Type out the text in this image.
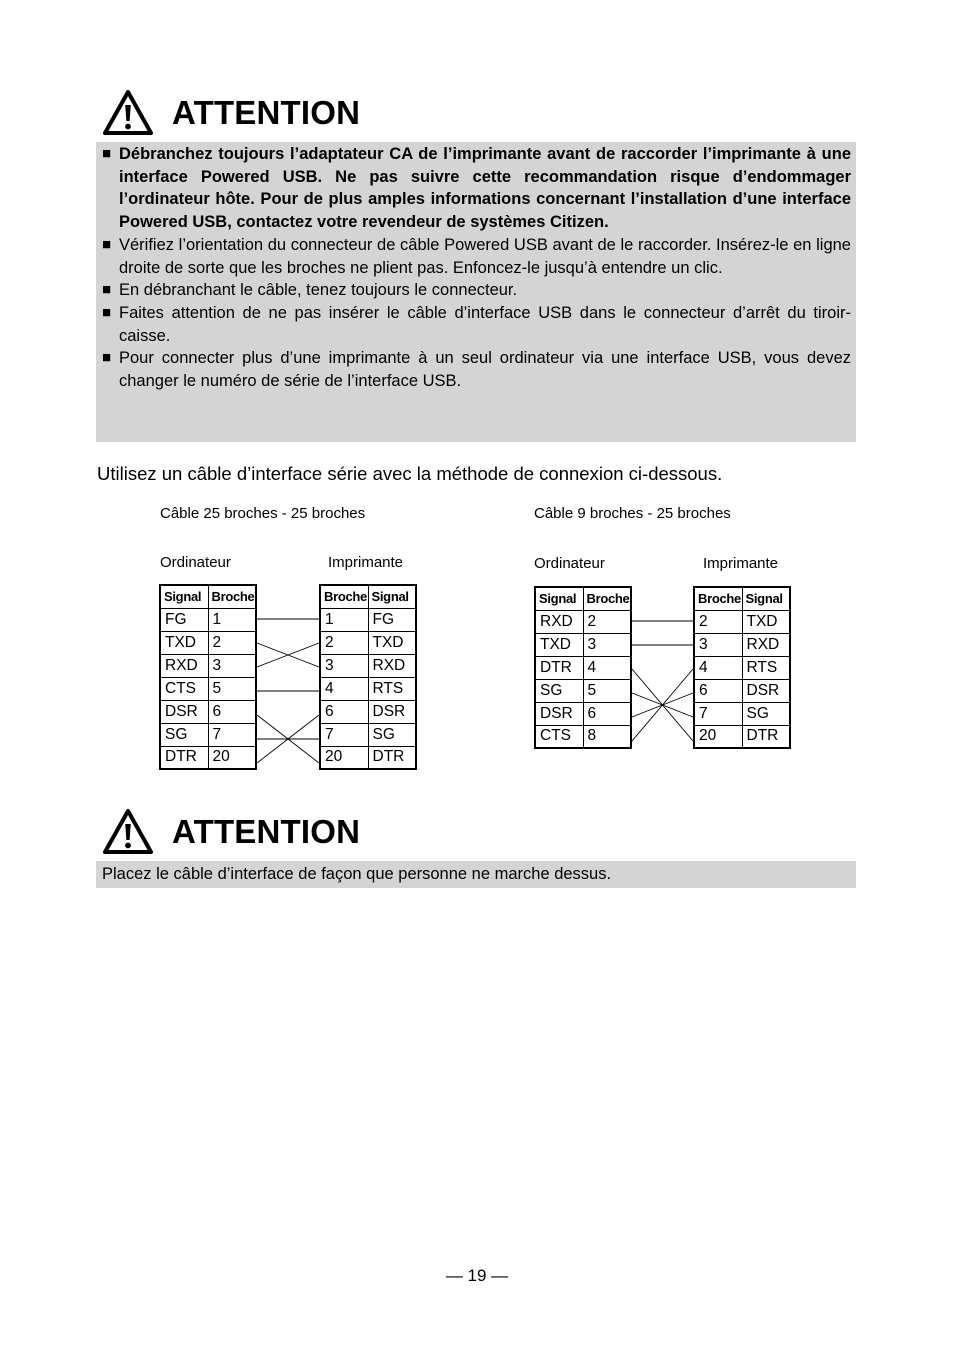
ATTENTION
■ Débranchez toujours l’adaptateur CA de l’imprimante avant de raccorder l’imprimante à une interface Powered USB. Ne pas suivre cette recommandation risque d’endommager l’ordinateur hôte. Pour de plus amples informations concernant l’installation d’une interface Powered USB, contactez votre revendeur de systèmes Citizen.
■ Vérifiez l’orientation du connecteur de câble Powered USB avant de le raccorder. Insérez-le en ligne droite de sorte que les broches ne plient pas. Enfoncez-le jusqu’à entendre un clic.
■ En débranchant le câble, tenez toujours le connecteur.
■ Faites attention de ne pas insérer le câble d’interface USB dans le connecteur d’arrêt du tiroir-caisse.
■ Pour connecter plus d’une imprimante à un seul ordinateur via une interface USB, vous devez changer le numéro de série de l’interface USB.
Utilisez un câble d’interface série avec la méthode de connexion ci-dessous.
Câble 25 broches - 25 broches
Ordinateur	Imprimante
Signal	Broche
FG	1
TXD	2
RXD	3
CTS	5
DSR	6
SG	7
DTR	20
Broche	Signal
1	FG
2	TXD
3	RXD
4	RTS
6	DSR
7	SG
20	DTR
Câble 9 broches - 25 broches
Ordinateur	Imprimante
Signal	Broche
RXD	2
TXD	3
DTR	4
SG	5
DSR	6
CTS	8
Broche	Signal
2	TXD
3	RXD
4	RTS
6	DSR
7	SG
20	DTR
ATTENTION
Placez le câble d’interface de façon que personne ne marche dessus.
— 19 —
